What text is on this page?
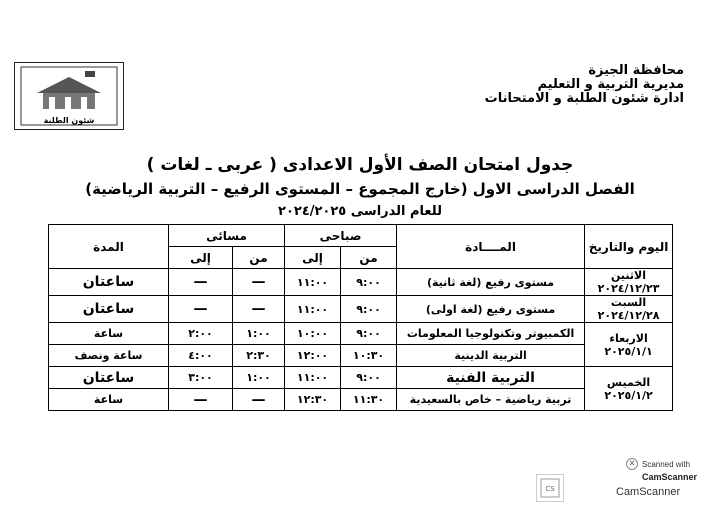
محافظة الجيزة
مديرية التربية و التعليم
ادارة شئون الطلبة و الامتحانات
شئون الطلبة
جدول امتحان الصف الأول الاعدادى ( عربى ـ لغات )
الفصل الدراسى الاول (خارج المجموع – المستوى الرفيع – التربية الرياضية)
للعام الدراسى ٢٠٢٤/٢٠٢٥
اليوم والتاريخ	المــــادة	صباحى		مسائى		المدة
		من	إلى	من	إلى	
الاثنين ٢٠٢٤/١٢/٢٣	مستوى رفيع (لغة ثانية)	٩:٠٠	١١:٠٠	—	—	ساعتان
السبت ٢٠٢٤/١٢/٢٨	مستوى رفيع (لغة اولى)	٩:٠٠	١١:٠٠	—	—	ساعتان
الاربعاء ٢٠٢٥/١/١	الكمبيوتر وتكنولوجيا المعلومات	٩:٠٠	١٠:٠٠	١:٠٠	٢:٠٠	ساعة
	التربية الدينية	١٠:٣٠	١٢:٠٠	٢:٣٠	٤:٠٠	ساعة ونصف
الخميس ٢٠٢٥/١/٢	التربية الفنية	٩:٠٠	١١:٠٠	١:٠٠	٣:٠٠	ساعتان
	تربية رياضية – خاص بالسعيدية	١١:٣٠	١٢:٣٠	—	—	ساعة
CS
✕ Scanned with
CamScanner
CamScanner
